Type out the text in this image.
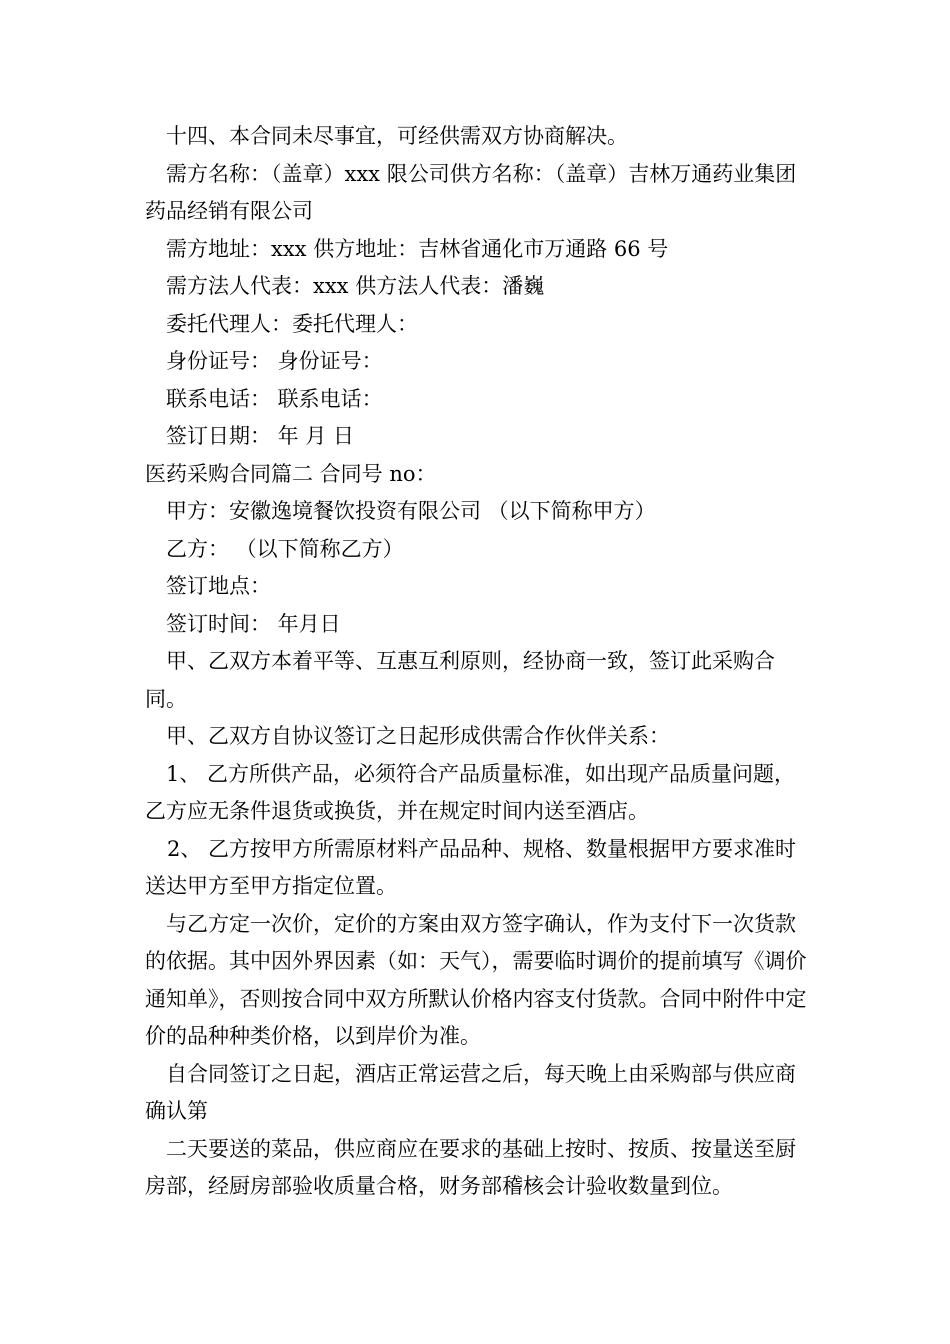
十四、本合同未尽事宜，可经供需双方协商解决。

需方名称：（盖章）xxx 限公司供方名称：（盖章）吉林万通药业集团药品经销有限公司

需方地址：xxx 供方地址：吉林省通化市万通路 66 号

需方法人代表：xxx 供方法人代表：潘巍

委托代理人：委托代理人：

身份证号： 身份证号：

联系电话： 联系电话：

签订日期： 年 月 日

医药采购合同篇二 合同号 no：

甲方：安徽逸境餐饮投资有限公司 （以下简称甲方）

乙方： （以下简称乙方）

签订地点：

签订时间： 年月日

甲、乙双方本着平等、互惠互利原则，经协商一致，签订此采购合同。

甲、乙双方自协议签订之日起形成供需合作伙伴关系：

1、 乙方所供产品，必须符合产品质量标准，如出现产品质量问题，乙方应无条件退货或换货，并在规定时间内送至酒店。

2、 乙方按甲方所需原材料产品品种、规格、数量根据甲方要求准时送达甲方至甲方指定位置。

与乙方定一次价，定价的方案由双方签字确认，作为支付下一次货款的依据。其中因外界因素（如：天气），需要临时调价的提前填写《调价通知单》，否则按合同中双方所默认价格内容支付货款。合同中附件中定价的品种种类价格，以到岸价为准。

自合同签订之日起，酒店正常运营之后，每天晚上由采购部与供应商确认第

二天要送的菜品，供应商应在要求的基础上按时、按质、按量送至厨房部，经厨房部验收质量合格，财务部稽核会计验收数量到位。
